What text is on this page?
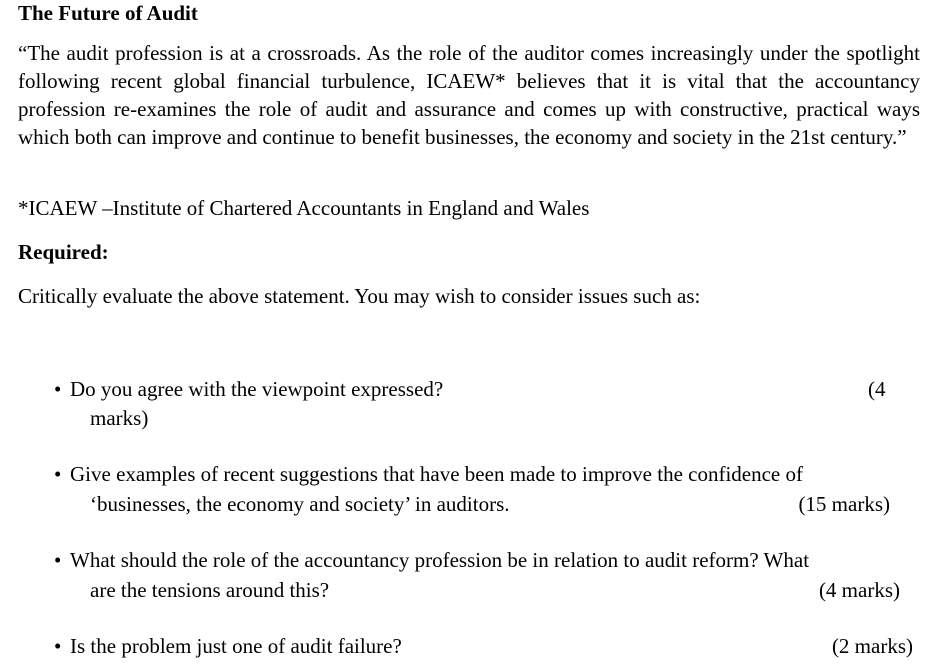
The Future of Audit
“The audit profession is at a crossroads. As the role of the auditor comes increasingly under the spotlight following recent global financial turbulence, ICAEW* believes that it is vital that the accountancy profession re-examines the role of audit and assurance and comes up with constructive, practical ways which both can improve and continue to benefit businesses, the economy and society in the 21st century.”
*ICAEW –Institute of Chartered Accountants in England and Wales
Required:
Critically evaluate the above statement. You may wish to consider issues such as:
• Do you agree with the viewpoint expressed?	(4
marks)
• Give examples of recent suggestions that have been made to improve the confidence of
‘businesses, the economy and society’ in auditors.	(15 marks)
• What should the role of the accountancy profession be in relation to audit reform? What
are the tensions around this?	(4 marks)
• Is the problem just one of audit failure?	(2 marks)
